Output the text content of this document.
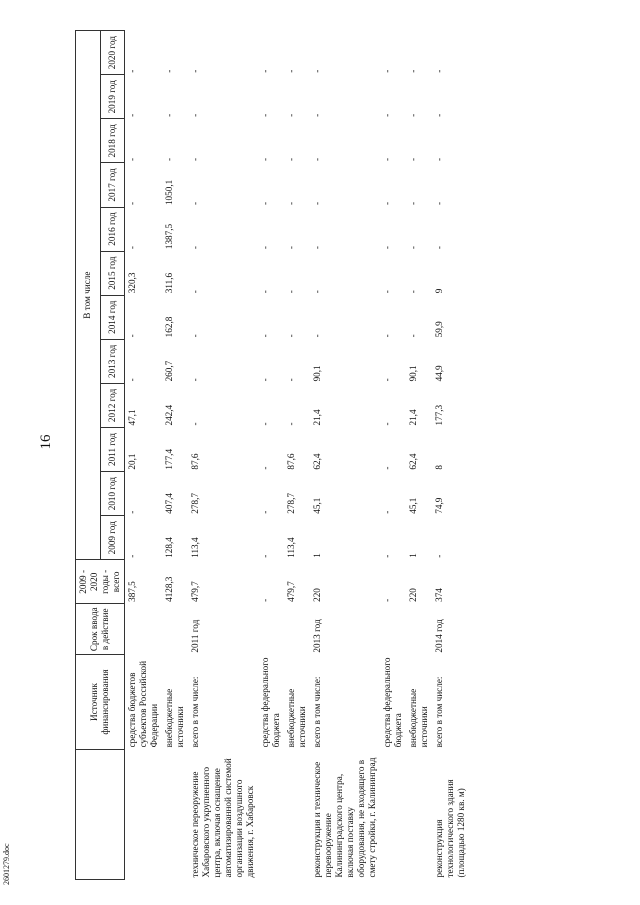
16
2601279.doc
	Источник финансирования	Срок ввода в действие	2009 - 2020 годы - всего	В том числе											
				2009 год	2010 год	2011 год	2012 год	2013 год	2014 год	2015 год	2016 год	2017 год	2018 год	2019 год	2020 год
	средства бюджетов субъектов Российской Федерации		387,5	-	-	20,1	47,1	-	-	320,3	-	-	-	-	-
	внебюджетные источники		4128,3	128,4	407,4	177,4	242,4	260,7	162,8	311,6	1387,5	1050,1	-	-	-
техническое переоружение Хабаровского укрупненного центра, включая оснащение автоматизированной системой организации воздушного движения, г. Хабаровск	всего в том числе:	2011 год	479,7	113,4	278,7	87,6	-	-	-	-	-	-	-	-	-
	средства федерального бюджета		-	-	-	-	-	-	-	-	-	-	-	-	-
	внебюджетные источники		479,7	113,4	278,7	87,6	-	-	-	-	-	-	-	-	-
реконструкция и техническое перевооружение Калининградского центра, включая поставку оборудования, не входящего в смету стройки, г. Калининград	всего в том числе:	2013 год	220	1	45,1	62,4	21,4	90,1	-	-	-	-	-	-	-
	средства федерального бюджета		-	-	-	-	-	-	-	-	-	-	-	-	-
	внебюджетные источники		220	1	45,1	62,4	21,4	90,1	-	-	-	-	-	-	-
реконструкция технологического здания (площадью 1280 кв. м)	всего в том числе:	2014 год	374	-	74,9	8	177,3	44,9	59,9	9	-	-	-	-	-
